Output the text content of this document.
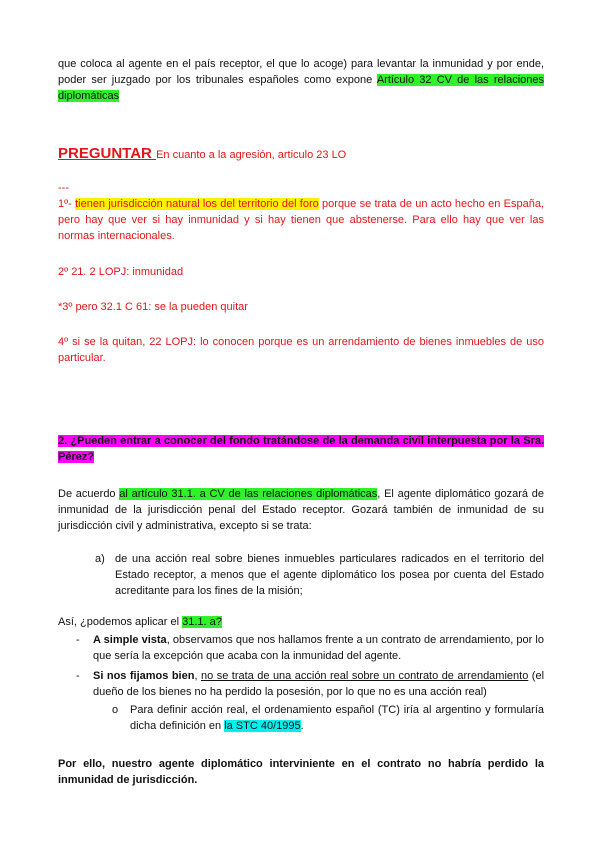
que coloca al agente en el país receptor, el que lo acoge) para levantar la inmunidad y por ende, poder ser juzgado por los tribunales españoles como expone Artículo 32 CV de las relaciones diplomáticas

PREGUNTAR En cuanto a la agresión, articulo 23 LO

---

1º- tienen jurisdicción natural los del territorio del foro porque se trata de un acto hecho en España, pero hay que ver si hay inmunidad y si hay tienen que abstenerse. Para ello hay que ver las normas internacionales.

2º 21. 2 LOPJ: inmunidad

*3º pero 32.1 C 61: se la pueden quitar

4º si se la quitan, 22 LOPJ: lo conocen porque es un arrendamiento de bienes inmuebles de uso particular.

2. ¿Pueden entrar a conocer del fondo tratándose de la demanda civil interpuesta por la Sra. Pérez?

De acuerdo al artículo 31.1. a CV de las relaciones diplomáticas, El agente diplomático gozará de inmunidad de la jurisdicción penal del Estado receptor. Gozará también de inmunidad de su jurisdicción civil y administrativa, excepto si se trata:

a) de una acción real sobre bienes inmuebles particulares radicados en el territorio del Estado receptor, a menos que el agente diplomático los posea por cuenta del Estado acreditante para los fines de la misión;

Así, ¿podemos aplicar el 31.1. a?

- A simple vista, observamos que nos hallamos frente a un contrato de arrendamiento, por lo que sería la excepción que acaba con la inmunidad del agente.

- Si nos fijamos bien, no se trata de una acción real sobre un contrato de arrendamiento (el dueño de los bienes no ha perdido la posesión, por lo que no es una acción real)

o Para definir acción real, el ordenamiento español (TC) iría al argentino y formularía dicha definición en la STC 40/1995.

Por ello, nuestro agente diplomático interviniente en el contrato no habría perdido la inmunidad de jurisdicción.
